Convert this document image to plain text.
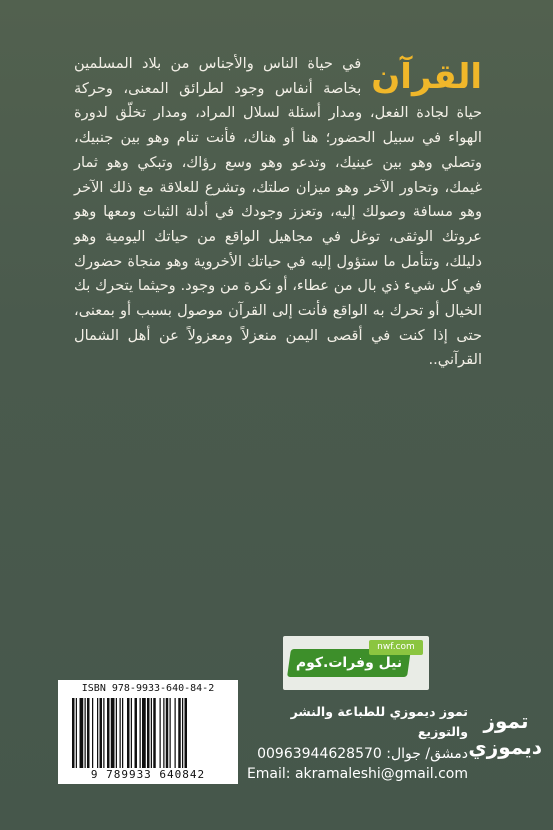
القرآن
في حياة الناس والأجناس من بلاد المسلمين بخاصة أنفاس وجود لطرائق المعنى، وحركة حياة لجادة الفعل، ومدار أسئلة لسلال المراد، ومدار تخلّق لدورة الهواء في سبيل الحضور؛ هنا أو هناك، فأنت تنام وهو بين جنبيك، وتصلي وهو بين عينيك، وتدعو وهو وسع رؤاك، وتبكي وهو ثمار غيمك، وتحاور الآخر وهو ميزان صلتك، وتشرع للعلاقة مع ذلك الآخر وهو مسافة وصولك إليه، وتعزز وجودك في أدلة الثبات ومعها وهو عروتك الوثقى، توغل في مجاهيل الواقع من حياتك اليومية وهو دليلك، وتتأمل ما ستؤول إليه في حياتك الأخروية وهو منجاة حضورك في كل شيء ذي بال من عطاء، أو نكرة من وجود. وحيثما يتحرك بك الخيال أو تحرك به الواقع فأنت إلى القرآن موصول بسبب أو بمعنى، حتى إذا كنت في أقصى اليمن منعزلاً ومعزولاً عن أهل الشمال القرآني..
نيل وفرات.كوم
nwf.com
ISBN 978-9933-640-84-2
9 789933 640842
تموز ديموزي للطباعة والنشر والتوزيع
دمشق/ جوال: 00963944628570
Email: akramaleshi@gmail.com
تموز
ديموزي
